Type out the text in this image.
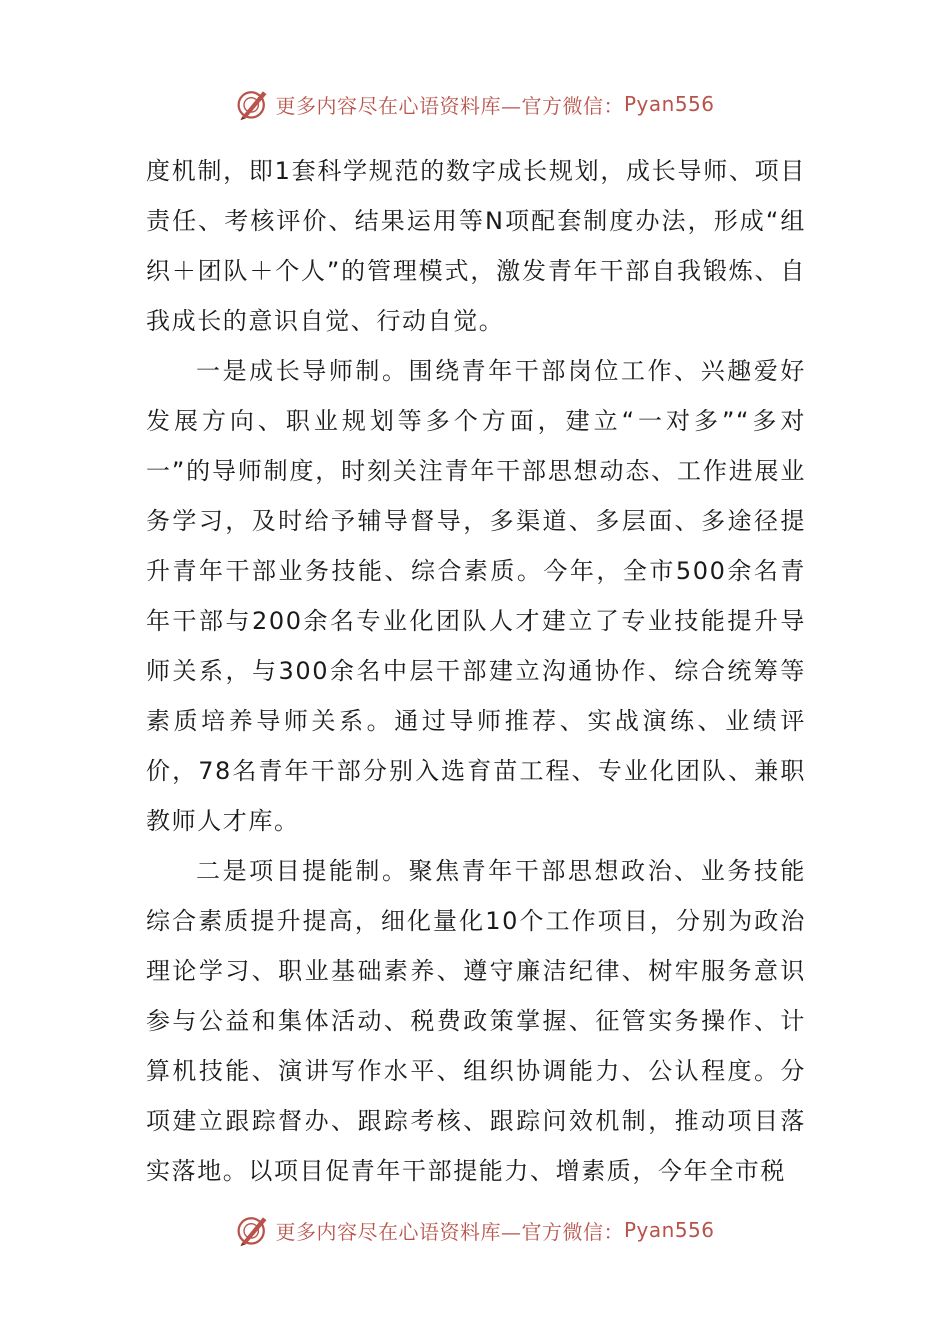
更多内容尽在心语资料库—官方微信： Pyan556

度机制，即1套科学规范的数字成长规划，成长导师、项目责任、考核评价、结果运用等N项配套制度办法，形成“组织＋团队＋个人”的管理模式，激发青年干部自我锻炼、自我成长的意识自觉、行动自觉。

一是成长导师制。围绕青年干部岗位工作、兴趣爱好发展方向、职业规划等多个方面，建立“一对多”“多对一”的导师制度，时刻关注青年干部思想动态、工作进展业务学习，及时给予辅导督导，多渠道、多层面、多途径提升青年干部业务技能、综合素质。今年，全市500余名青年干部与200余名专业化团队人才建立了专业技能提升导师关系，与300余名中层干部建立沟通协作、综合统筹等素质培养导师关系。通过导师推荐、实战演练、业绩评价，78名青年干部分别入选育苗工程、专业化团队、兼职教师人才库。

二是项目提能制。聚焦青年干部思想政治、业务技能综合素质提升提高，细化量化10个工作项目，分别为政治理论学习、职业基础素养、遵守廉洁纪律、树牢服务意识参与公益和集体活动、税费政策掌握、征管实务操作、计算机技能、演讲写作水平、组织协调能力、公认程度。分项建立跟踪督办、跟踪考核、跟踪问效机制，推动项目落实落地。以项目促青年干部提能力、增素质，今年全市税

更多内容尽在心语资料库—官方微信： Pyan556
